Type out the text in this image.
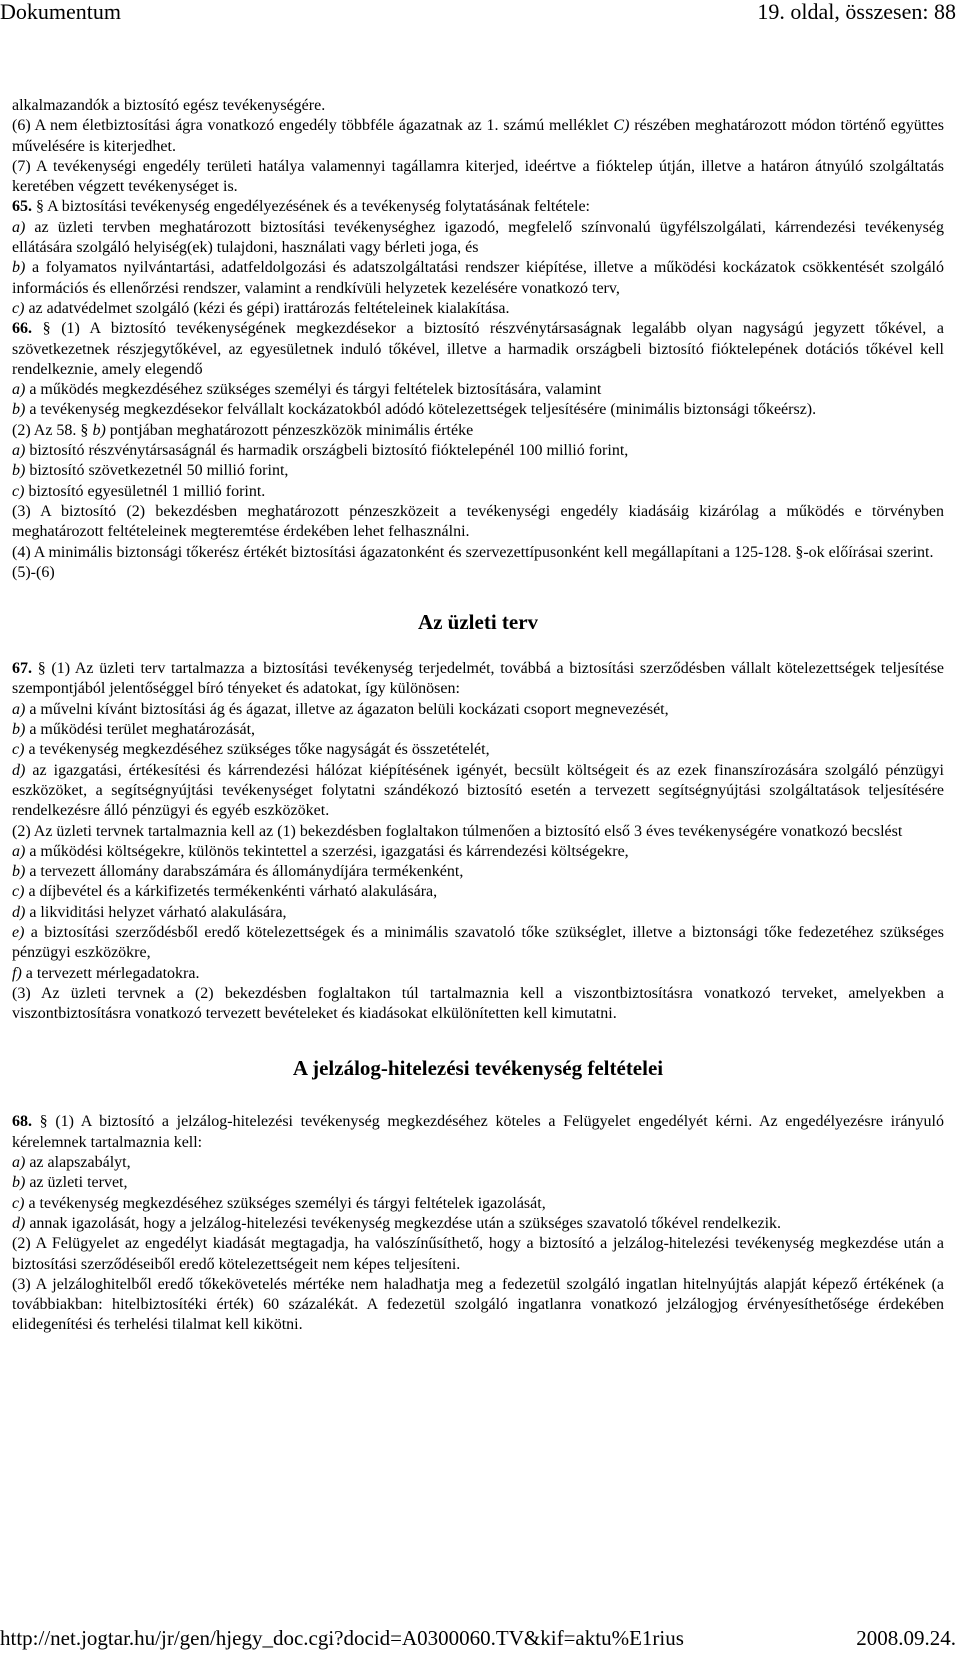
Dokumentum	19. oldal, összesen: 88

alkalmazandók a biztosító egész tevékenységére.

(6) A nem életbiztosítási ágra vonatkozó engedély többféle ágazatnak az 1. számú melléklet C) részében meghatározott módon történő együttes művelésére is kiterjedhet.

(7) A tevékenységi engedély területi hatálya valamennyi tagállamra kiterjed, ideértve a fióktelep útján, illetve a határon átnyúló szolgáltatás keretében végzett tevékenységet is.

65. § A biztosítási tevékenység engedélyezésének és a tevékenység folytatásának feltétele:

a) az üzleti tervben meghatározott biztosítási tevékenységhez igazodó, megfelelő színvonalú ügyfélszolgálati, kárrendezési tevékenység ellátására szolgáló helyiség(ek) tulajdoni, használati vagy bérleti joga, és

b) a folyamatos nyilvántartási, adatfeldolgozási és adatszolgáltatási rendszer kiépítése, illetve a működési kockázatok csökkentését szolgáló információs és ellenőrzési rendszer, valamint a rendkívüli helyzetek kezelésére vonatkozó terv,

c) az adatvédelmet szolgáló (kézi és gépi) irattározás feltételeinek kialakítása.

66. § (1) A biztosító tevékenységének megkezdésekor a biztosító részvénytársaságnak legalább olyan nagyságú jegyzett tőkével, a szövetkezetnek részjegytőkével, az egyesületnek induló tőkével, illetve a harmadik országbeli biztosító fióktelepének dotációs tőkével kell rendelkeznie, amely elegendő

a) a működés megkezdéséhez szükséges személyi és tárgyi feltételek biztosítására, valamint

b) a tevékenység megkezdésekor felvállalt kockázatokból adódó kötelezettségek teljesítésére (minimális biztonsági tőkeérsz).

(2) Az 58. § b) pontjában meghatározott pénzeszközök minimális értéke

a) biztosító részvénytársaságnál és harmadik országbeli biztosító fióktelepénél 100 millió forint,

b) biztosító szövetkezetnél 50 millió forint,

c) biztosító egyesületnél 1 millió forint.

(3) A biztosító (2) bekezdésben meghatározott pénzeszközeit a tevékenységi engedély kiadásáig kizárólag a működés e törvényben meghatározott feltételeinek megteremtése érdekében lehet felhasználni.

(4) A minimális biztonsági tőkerész értékét biztosítási ágazatonként és szervezettípusonként kell megállapítani a 125-128. §-ok előírásai szerint.

(5)-(6)

Az üzleti terv

67. § (1) Az üzleti terv tartalmazza a biztosítási tevékenység terjedelmét, továbbá a biztosítási szerződésben vállalt kötelezettségek teljesítése szempontjából jelentőséggel bíró tényeket és adatokat, így különösen:

a) a művelni kívánt biztosítási ág és ágazat, illetve az ágazaton belüli kockázati csoport megnevezését,

b) a működési terület meghatározását,

c) a tevékenység megkezdéséhez szükséges tőke nagyságát és összetételét,

d) az igazgatási, értékesítési és kárrendezési hálózat kiépítésének igényét, becsült költségeit és az ezek finanszírozására szolgáló pénzügyi eszközöket, a segítségnyújtási tevékenységet folytatni szándékozó biztosító esetén a tervezett segítségnyújtási szolgáltatások teljesítésére rendelkezésre álló pénzügyi és egyéb eszközöket.

(2) Az üzleti tervnek tartalmaznia kell az (1) bekezdésben foglaltakon túlmenően a biztosító első 3 éves tevékenységére vonatkozó becslést

a) a működési költségekre, különös tekintettel a szerzési, igazgatási és kárrendezési költségekre,

b) a tervezett állomány darabszámára és állománydíjára termékenként,

c) a díjbevétel és a kárkifizetés termékenkénti várható alakulására,

d) a likviditási helyzet várható alakulására,

e) a biztosítási szerződésből eredő kötelezettségek és a minimális szavatoló tőke szükséglet, illetve a biztonsági tőke fedezetéhez szükséges pénzügyi eszközökre,

f) a tervezett mérlegadatokra.

(3) Az üzleti tervnek a (2) bekezdésben foglaltakon túl tartalmaznia kell a viszontbiztosításra vonatkozó terveket, amelyekben a viszontbiztosításra vonatkozó tervezett bevételeket és kiadásokat elkülönítetten kell kimutatni.

A jelzálog-hitelezési tevékenység feltételei

68. § (1) A biztosító a jelzálog-hitelezési tevékenység megkezdéséhez köteles a Felügyelet engedélyét kérni. Az engedélyezésre irányuló kérelemnek tartalmaznia kell:

a) az alapszabályt,

b) az üzleti tervet,

c) a tevékenység megkezdéséhez szükséges személyi és tárgyi feltételek igazolását,

d) annak igazolását, hogy a jelzálog-hitelezési tevékenység megkezdése után a szükséges szavatoló tőkével rendelkezik.

(2) A Felügyelet az engedélyt kiadását megtagadja, ha valószínűsíthető, hogy a biztosító a jelzálog-hitelezési tevékenység megkezdése után a biztosítási szerződéseiből eredő kötelezettségeit nem képes teljesíteni.

(3) A jelzáloghitelből eredő tőkekövetelés mértéke nem haladhatja meg a fedezetül szolgáló ingatlan hitelnyújtás alapját képező értékének (a továbbiakban: hitelbiztosítéki érték) 60 százalékát. A fedezetül szolgáló ingatlanra vonatkozó jelzálogjog érvényesíthetősége érdekében elidegenítési és terhelési tilalmat kell kikötni.

http://net.jogtar.hu/jr/gen/hjegy_doc.cgi?docid=A0300060.TV&kif=aktu%E1rius	2008.09.24.
